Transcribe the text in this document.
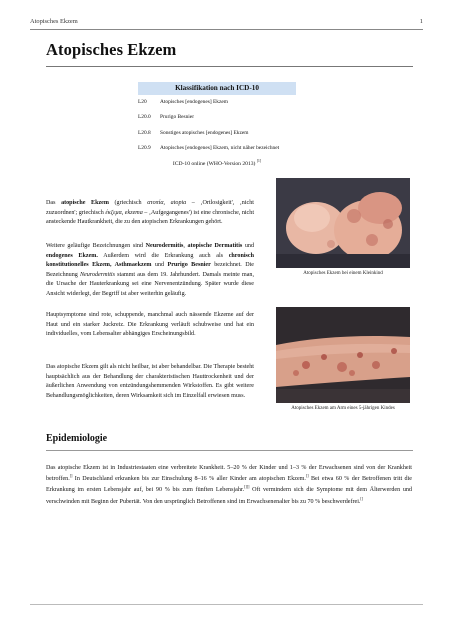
Atopisches Ekzem	1
Atopisches Ekzem
Klassifikation nach ICD-10
L20	Atopisches [endogenes] Ekzem
L20.0	Prurigo Besnier
L20.8	Sonstiges atopisches [endogenes] Ekzem
L20.9	Atopisches [endogenes] Ekzem, nicht näher bezeichnet
ICD-10 online (WHO-Version 2013) [1]

Das atopische Ekzem (griechisch ατοπία, atopia – ‚Ortlosigkeit', ‚nicht zuzuordnen'; griechisch έκζεμα, ekzema – ‚Aufgegangenes') ist eine chronische, nicht ansteckende Hautkrankheit, die zu den atopischen Erkrankungen gehört.

Weitere geläufige Bezeichnungen sind Neurodermitis, atopische Dermatitis und endogenes Ekzem. Außerdem wird die Erkrankung auch als chronisch konstitutionelles Ekzem, Asthmaekzem und Prurigo Besnier bezeichnet. Die Bezeichnung Neurodermitis stammt aus dem 19. Jahrhundert. Damals meinte man, die Ursache der Hauterkrankung sei eine Nervenentzündung. Später wurde diese Ansicht widerlegt, der Begriff ist aber weiterhin geläufig.

Hauptsymptome sind rote, schuppende, manchmal auch nässende Ekzeme auf der Haut und ein starker Juckreiz. Die Erkrankung verläuft schubweise und hat ein individuelles, vom Lebensalter abhängiges Erscheinungsbild.

Das atopische Ekzem gilt als nicht heilbar, ist aber behandelbar. Die Therapie besteht hauptsächlich aus der Behandlung der charakteristischen Hauttrockenheit und der äußerlichen Anwendung von entzündungshemmenden Wirkstoffen. Es gibt weitere Behandlungsmöglichkeiten, deren Wirksamkeit sich im Einzelfall erwiesen muss.

Atopisches Ekzem bei einem Kleinkind
Atopisches Ekzem am Arm eines 5-jährigen Kindes
Epidemiologie

Das atopische Ekzem ist in Industriestaaten eine verbreitete Krankheit. 5–20 % der Kinder und 1–3 % der Erwachsenen sind von der Krankheit betroffen.[] In Deutschland erkranken bis zur Einschulung 8–16 % aller Kinder am atopischen Ekzem.[] Bei etwa 60 % der Betroffenen tritt die Erkrankung im ersten Lebensjahr auf, bei 90 % bis zum fünften Lebensjahr.[][] Oft vermindern sich die Symptome mit dem Älterwerden und verschwinden mit Beginn der Pubertät. Von den ursprünglich Betroffenen sind im Erwachsenenalter bis zu 70 % beschwerdefrei.[]
